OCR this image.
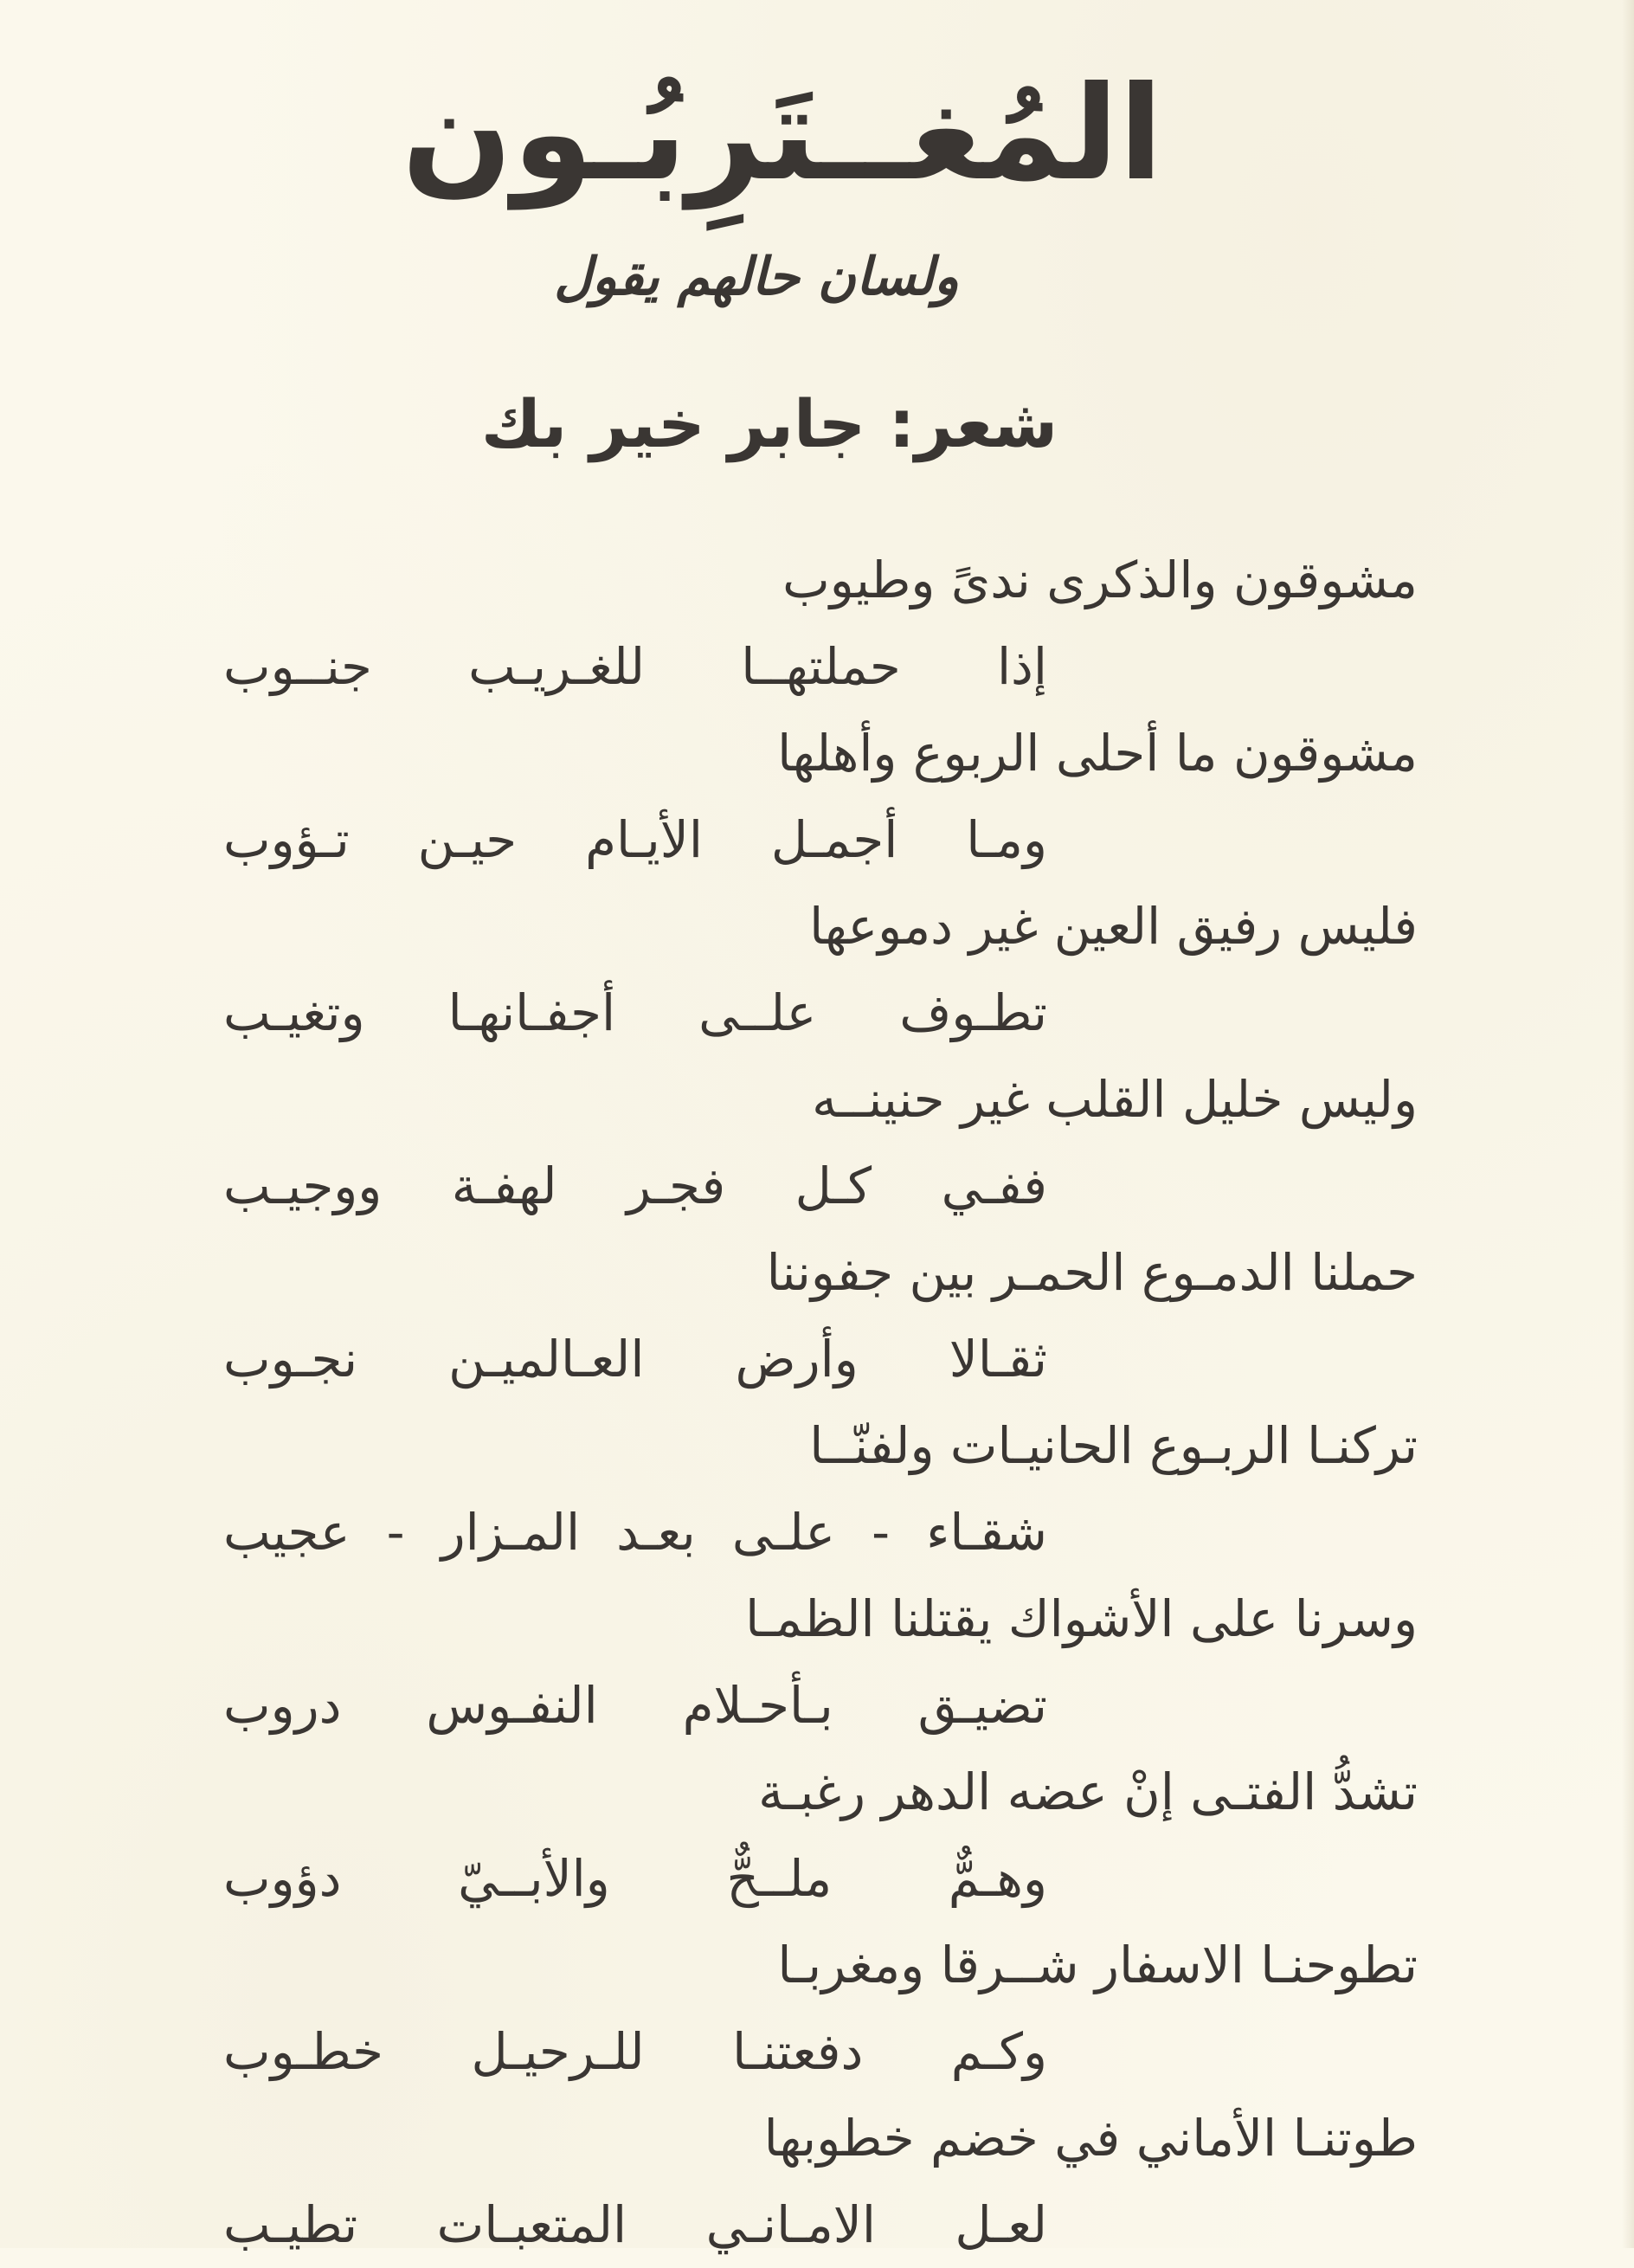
المُغــتَرِبُـون
ولسان حالهم يقول
شعر: جابر خير بك
مشوقون والذكرى ندىً وطيوب
إذا حملتهــا للغـريـب جنــوب
مشوقون ما أحلى الربوع وأهلها
ومـا أجمـل الأيـام حيـن تـؤوب
فليس رفيق العين غير دموعها
تطـوف علــى أجفـانهـا وتغيـب
وليس خليل القلب غير حنينــه
ففـي كـل فجـر لهفـة ووجيـب
حملنا الدمـوع الحمـر بين جفوننا
ثقـالا وأرض العـالميـن نجـوب
تركنـا الربـوع الحانيـات ولفنّــا
شقـاء - علـى بعـد المـزار - عجيب
وسرنا على الأشواك يقتلنا الظمـا
تضيـق بـأحـلام النفـوس دروب
تشدُّ الفتـى إنْ عضه الدهر رغبـة
وهـمٌّ ملــحٌّ والأبــيّ دؤوب
تطوحنـا الاسفار شــرقا ومغربـا
وكـم دفعتنـا للـرحيـل خطـوب
طوتنـا الأماني في خضم خطوبها
لعـل الامـانـي المتعبـات تطيـب
